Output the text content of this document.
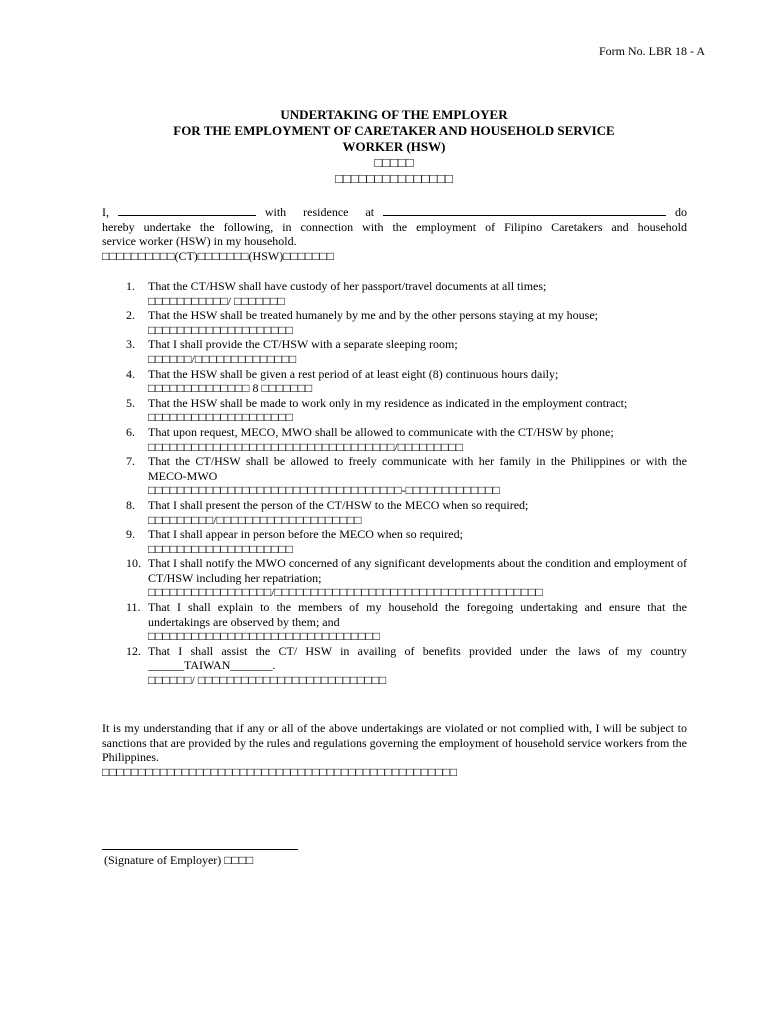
Form No. LBR 18 - A
UNDERTAKING OF THE EMPLOYER
FOR THE EMPLOYMENT OF CARETAKER AND HOUSEHOLD SERVICE
WORKER (HSW)
□□□□□
□□□□□□□□□□□□□□□
I,	with residence at	do
hereby undertake the following, in connection with the employment of Filipino Caretakers and household
service worker (HSW) in my household.
□□□□□□□□□□(CT)□□□□□□□(HSW)□□□□□□□
1.	That the CT/HSW shall have custody of her passport/travel documents at all times;
□□□□□□□□□□□/ □□□□□□□
2.	That the HSW shall be treated humanely by me and by the other persons staying at my house;
□□□□□□□□□□□□□□□□□□□□
3.	That I shall provide the CT/HSW with a separate sleeping room;
□□□□□□/□□□□□□□□□□□□□□
4.	That the HSW shall be given a rest period of at least eight (8) continuous hours daily;
□□□□□□□□□□□□□□ 8 □□□□□□□
5.	That the HSW shall be made to work only in my residence as indicated in the employment contract;
□□□□□□□□□□□□□□□□□□□□
6.	That upon request, MECO, MWO shall be allowed to communicate with the CT/HSW by phone;
□□□□□□□□□□□□□□□□□□□□□□□□□□□□□□□□□□/□□□□□□□□□
7.	That the CT/HSW shall be allowed to freely communicate with her family in the Philippines or with the MECO-MWO
□□□□□□□□□□□□□□□□□□□□□□□□□□□□□□□□□□□-□□□□□□□□□□□□□
8.	That I shall present the person of the CT/HSW to the MECO when so required;
□□□□□□□□□/□□□□□□□□□□□□□□□□□□□□
9.	That I shall appear in person before the MECO when so required;
□□□□□□□□□□□□□□□□□□□□
10. That I shall notify the MWO concerned of any significant developments about the condition and employment of CT/HSW including her repatriation;
□□□□□□□□□□□□□□□□□/□□□□□□□□□□□□□□□□□□□□□□□□□□□□□□□□□□□□□
11. That I shall explain to the members of my household the foregoing undertaking and ensure that the undertakings are observed by them; and
□□□□□□□□□□□□□□□□□□□□□□□□□□□□□□□□
12. That I shall assist the CT/ HSW in availing of benefits provided under the laws of my country ______TAIWAN_______.
□□□□□□/ □□□□□□□□□□□□□□□□□□□□□□□□□□
It is my understanding that if any or all of the above undertakings are violated or not complied with, I will be subject to sanctions that are provided by the rules and regulations governing the employment of household service workers from the Philippines.
□□□□□□□□□□□□□□□□□□□□□□□□□□□□□□□□□□□□□□□□□□□□□□□□□
(Signature of Employer) □□□□
